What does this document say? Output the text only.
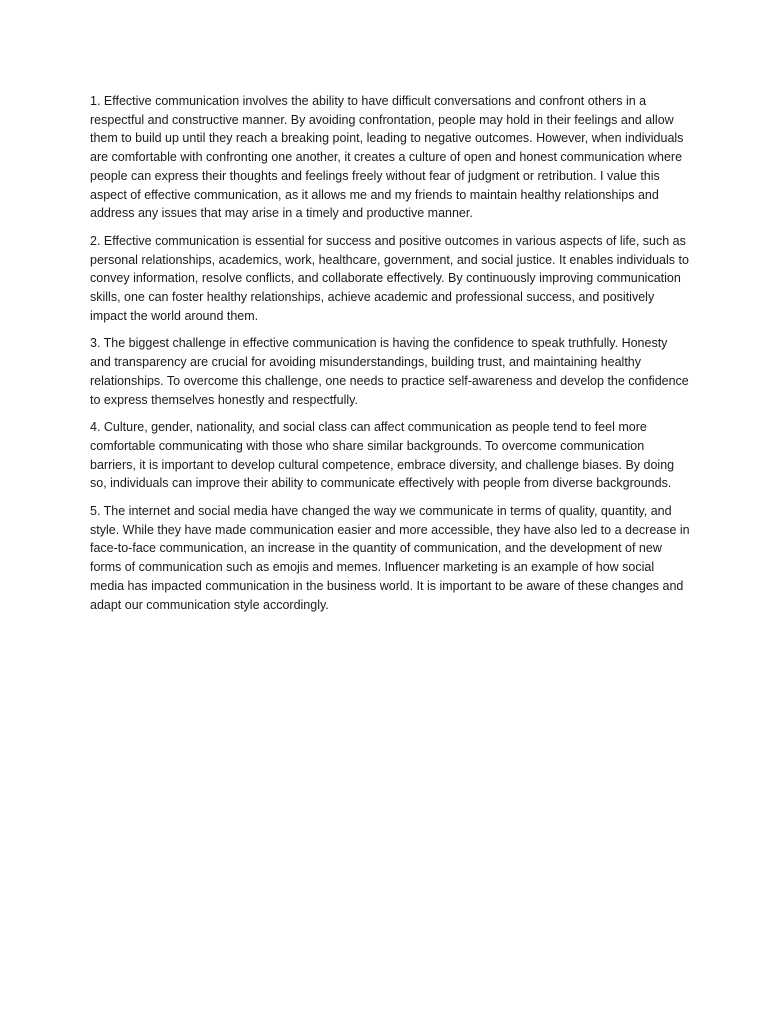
1. Effective communication involves the ability to have difficult conversations and confront others in a respectful and constructive manner. By avoiding confrontation, people may hold in their feelings and allow them to build up until they reach a breaking point, leading to negative outcomes. However, when individuals are comfortable with confronting one another, it creates a culture of open and honest communication where people can express their thoughts and feelings freely without fear of judgment or retribution. I value this aspect of effective communication, as it allows me and my friends to maintain healthy relationships and address any issues that may arise in a timely and productive manner.

2. Effective communication is essential for success and positive outcomes in various aspects of life, such as personal relationships, academics, work, healthcare, government, and social justice. It enables individuals to convey information, resolve conflicts, and collaborate effectively. By continuously improving communication skills, one can foster healthy relationships, achieve academic and professional success, and positively impact the world around them.

3. The biggest challenge in effective communication is having the confidence to speak truthfully. Honesty and transparency are crucial for avoiding misunderstandings, building trust, and maintaining healthy relationships. To overcome this challenge, one needs to practice self-awareness and develop the confidence to express themselves honestly and respectfully.

4. Culture, gender, nationality, and social class can affect communication as people tend to feel more comfortable communicating with those who share similar backgrounds. To overcome communication barriers, it is important to develop cultural competence, embrace diversity, and challenge biases. By doing so, individuals can improve their ability to communicate effectively with people from diverse backgrounds.

5. The internet and social media have changed the way we communicate in terms of quality, quantity, and style. While they have made communication easier and more accessible, they have also led to a decrease in face-to-face communication, an increase in the quantity of communication, and the development of new forms of communication such as emojis and memes. Influencer marketing is an example of how social media has impacted communication in the business world. It is important to be aware of these changes and adapt our communication style accordingly.
